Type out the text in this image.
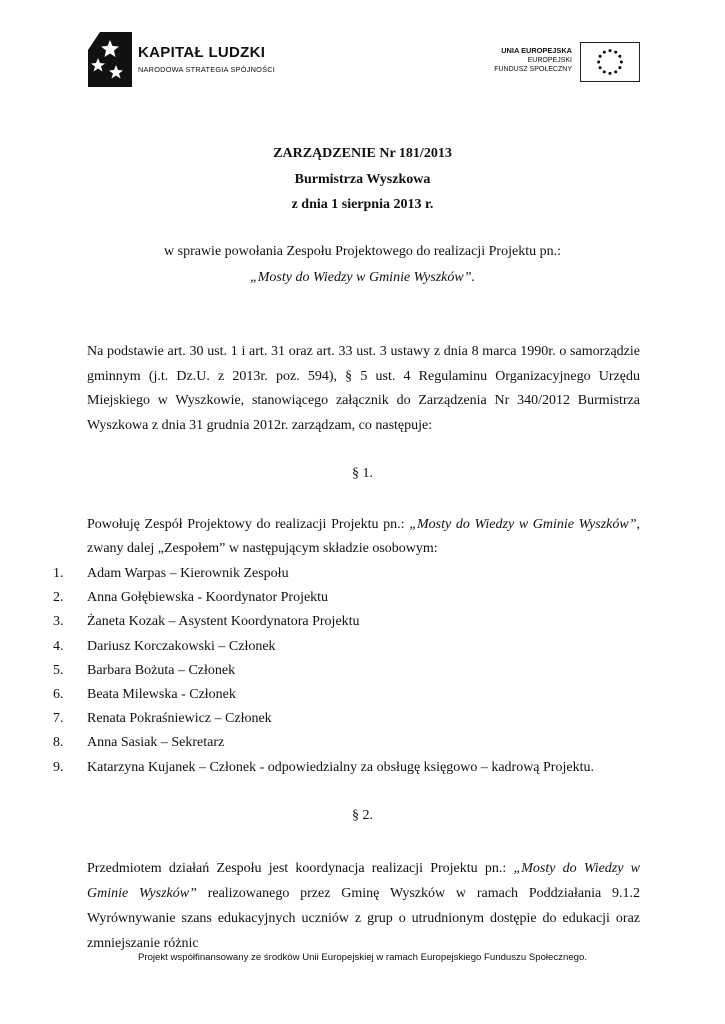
KAPITAŁ LUDZKI
NARODOWA STRATEGIA SPÓJNOŚCI
UNIA EUROPEJSKA
EUROPEJSKI
FUNDUSZ SPOŁECZNY
ZARZĄDZENIE Nr 181/2013
Burmistrza Wyszkowa
z dnia 1 sierpnia 2013 r.
w sprawie powołania Zespołu Projektowego do realizacji Projektu pn.:
„Mosty do Wiedzy w Gminie Wyszków”.
Na podstawie art. 30 ust. 1 i art. 31 oraz art. 33 ust. 3 ustawy z dnia 8 marca 1990r. o samorządzie gminnym (j.t. Dz.U. z 2013r. poz. 594), § 5 ust. 4 Regulaminu Organizacyjnego Urzędu Miejskiego w Wyszkowie, stanowiącego załącznik do Zarządzenia Nr 340/2012 Burmistrza Wyszkowa z dnia 31 grudnia 2012r. zarządzam, co następuje:
§ 1.
Powołuję Zespół Projektowy do realizacji Projektu pn.: „Mosty do Wiedzy w Gminie Wyszków”, zwany dalej „Zespołem” w następującym składzie osobowym:
1. Adam Warpas – Kierownik Zespołu
2. Anna Gołębiewska - Koordynator Projektu
3. Żaneta Kozak – Asystent Koordynatora Projektu
4. Dariusz Korczakowski – Członek
5. Barbara Bożuta – Członek
6. Beata Milewska - Członek
7. Renata Pokraśniewicz – Członek
8. Anna Sasiak – Sekretarz
9. Katarzyna Kujanek – Członek - odpowiedzialny za obsługę księgowo – kadrową Projektu.
§ 2.
Przedmiotem działań Zespołu jest koordynacja realizacji Projektu pn.: „Mosty do Wiedzy w Gminie Wyszków” realizowanego przez Gminę Wyszków w ramach Poddziałania 9.1.2 Wyrównywanie szans edukacyjnych uczniów z grup o utrudnionym dostępie do edukacji oraz zmniejszanie różnic
Projekt współfinansowany ze środków Unii Europejskiej w ramach Europejskiego Funduszu Społecznego.
